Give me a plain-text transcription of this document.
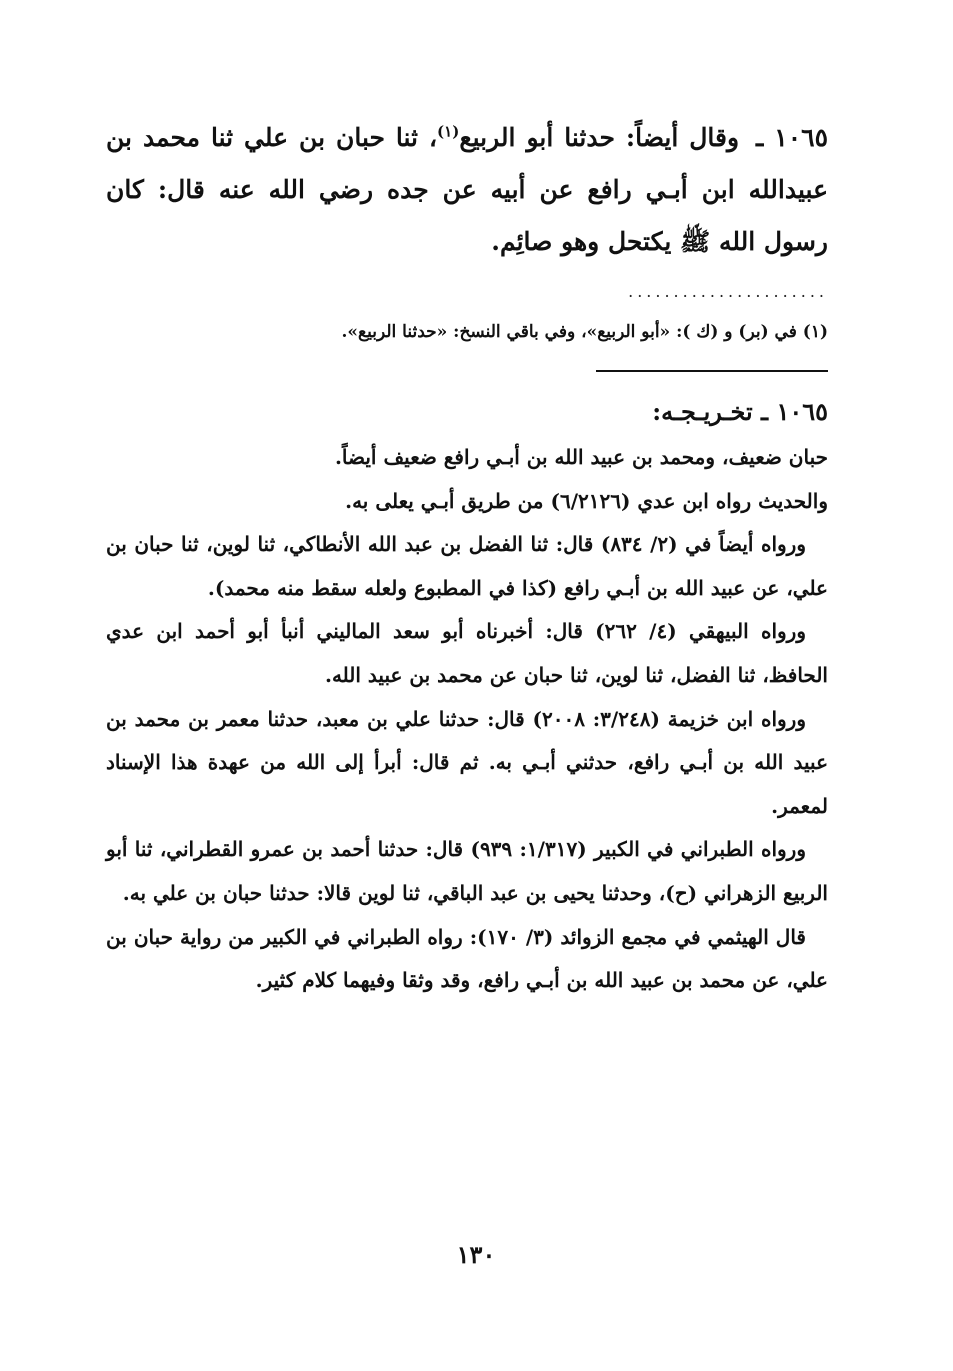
١٠٦٥ ـ وقال أيضاً: حدثنا أبو الربيع$^{(١)}$، ثنا حبان بن علي ثنا محمد بن عبيدالله ابن أبـي رافع عن أبيه عن جده رضي الله عنه قال: كان رسول الله ﷺ يكتحل وهو صائِم.
......................
(١) في (بر) و (ك ): «أبو الربيع»، وفي باقي النسخ: «حدثنا الربيع».
١٠٦٥ ـ تخـريـجـه:

حبان ضعيف، ومحمد بن عبيد الله بن أبـي رافع ضعيف أيضاً.

والحديث رواه ابن عدي (٦/٢١٢٦) من طريق أبـي يعلى به.

ورواه أيضاً في (٢/ ٨٣٤) قال: ثنا الفضل بن عبد الله الأنطاكي، ثنا لوين، ثنا حبان بن علي، عن عبيد الله بن أبـي رافع (كذا في المطبوع ولعله سقط منه محمد).

ورواه البيهقي (٤/ ٢٦٢) قال: أخبرناه أبو سعد الماليني أنبأ أبو أحمد ابن عدي الحافظ، ثنا الفضل، ثنا لوين، ثنا حبان عن محمد بن عبيد الله.

ورواه ابن خزيمة (٣/٢٤٨: ٢٠٠٨) قال: حدثنا علي بن معبد، حدثنا معمر بن محمد بن عبيد الله بن أبـي رافع، حدثني أبـي به. ثم قال: أبرأ إلى الله من عهدة هذا الإسناد لمعمر.

ورواه الطبراني في الكبير (١/٣١٧: ٩٣٩) قال: حدثنا أحمد بن عمرو القطراني، ثنا أبو الربيع الزهراني (ح)، وحدثنا يحيى بن عبد الباقي، ثنا لوين قالا: حدثنا حبان بن علي به.

قال الهيثمي في مجمع الزوائد (٣/ ١٧٠): رواه الطبراني في الكبير من رواية حبان بن علي، عن محمد بن عبيد الله بن أبـي رافع، وقد وثقا وفيهما كلام كثير.

١٣٠
